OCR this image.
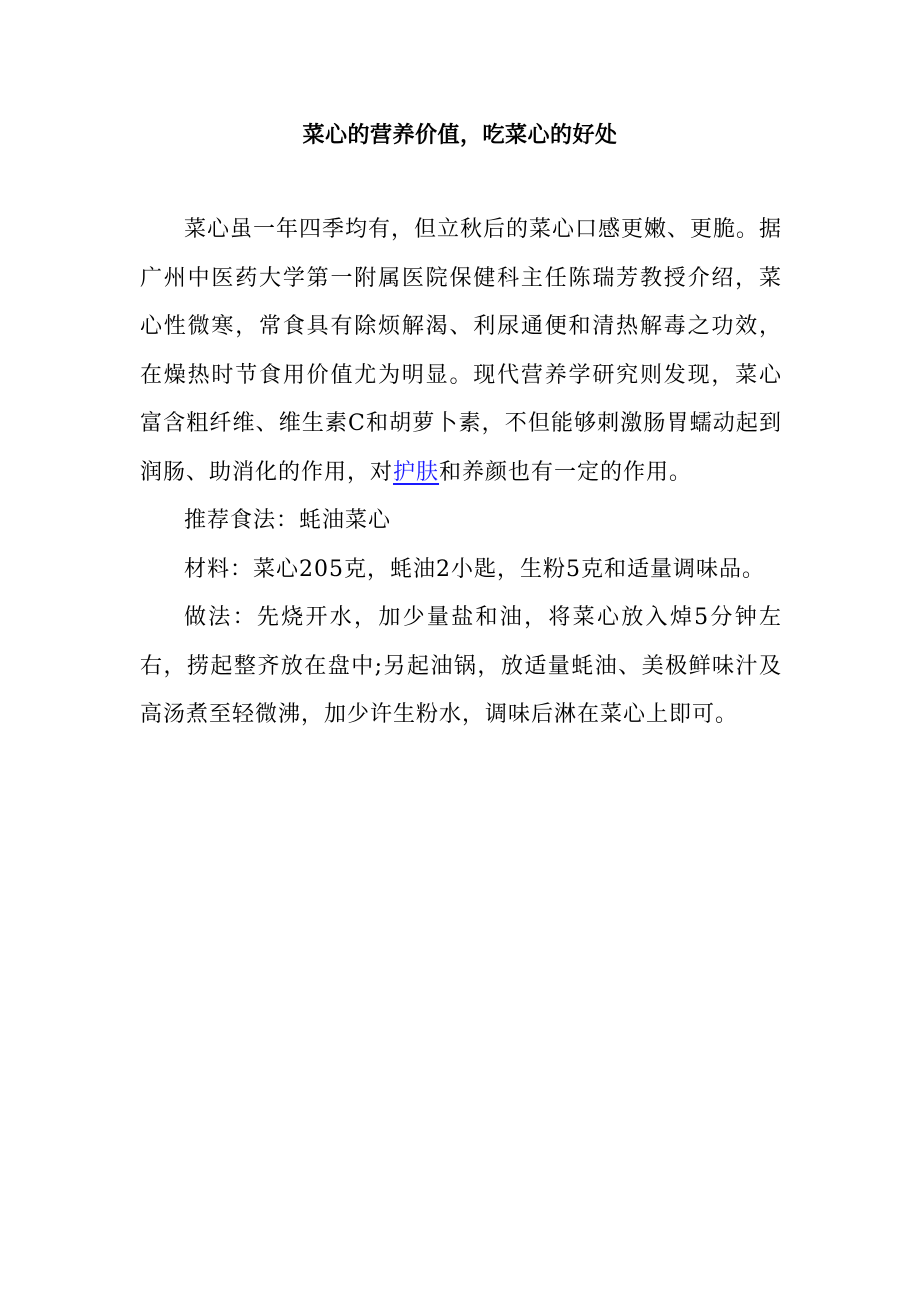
菜心的营养价值，吃菜心的好处

菜心虽一年四季均有，但立秋后的菜心口感更嫩、更脆。据广州中医药大学第一附属医院保健科主任陈瑞芳教授介绍，菜心性微寒，常食具有除烦解渴、利尿通便和清热解毒之功效，在燥热时节食用价值尤为明显。现代营养学研究则发现，菜心富含粗纤维、维生素C和胡萝卜素，不但能够刺激肠胃蠕动起到润肠、助消化的作用，对护肤和养颜也有一定的作用。

推荐食法：蚝油菜心

材料：菜心205克，蚝油2小匙，生粉5克和适量调味品。

做法：先烧开水，加少量盐和油，将菜心放入焯5分钟左右，捞起整齐放在盘中;另起油锅，放适量蚝油、美极鲜味汁及高汤煮至轻微沸，加少许生粉水，调味后淋在菜心上即可。
